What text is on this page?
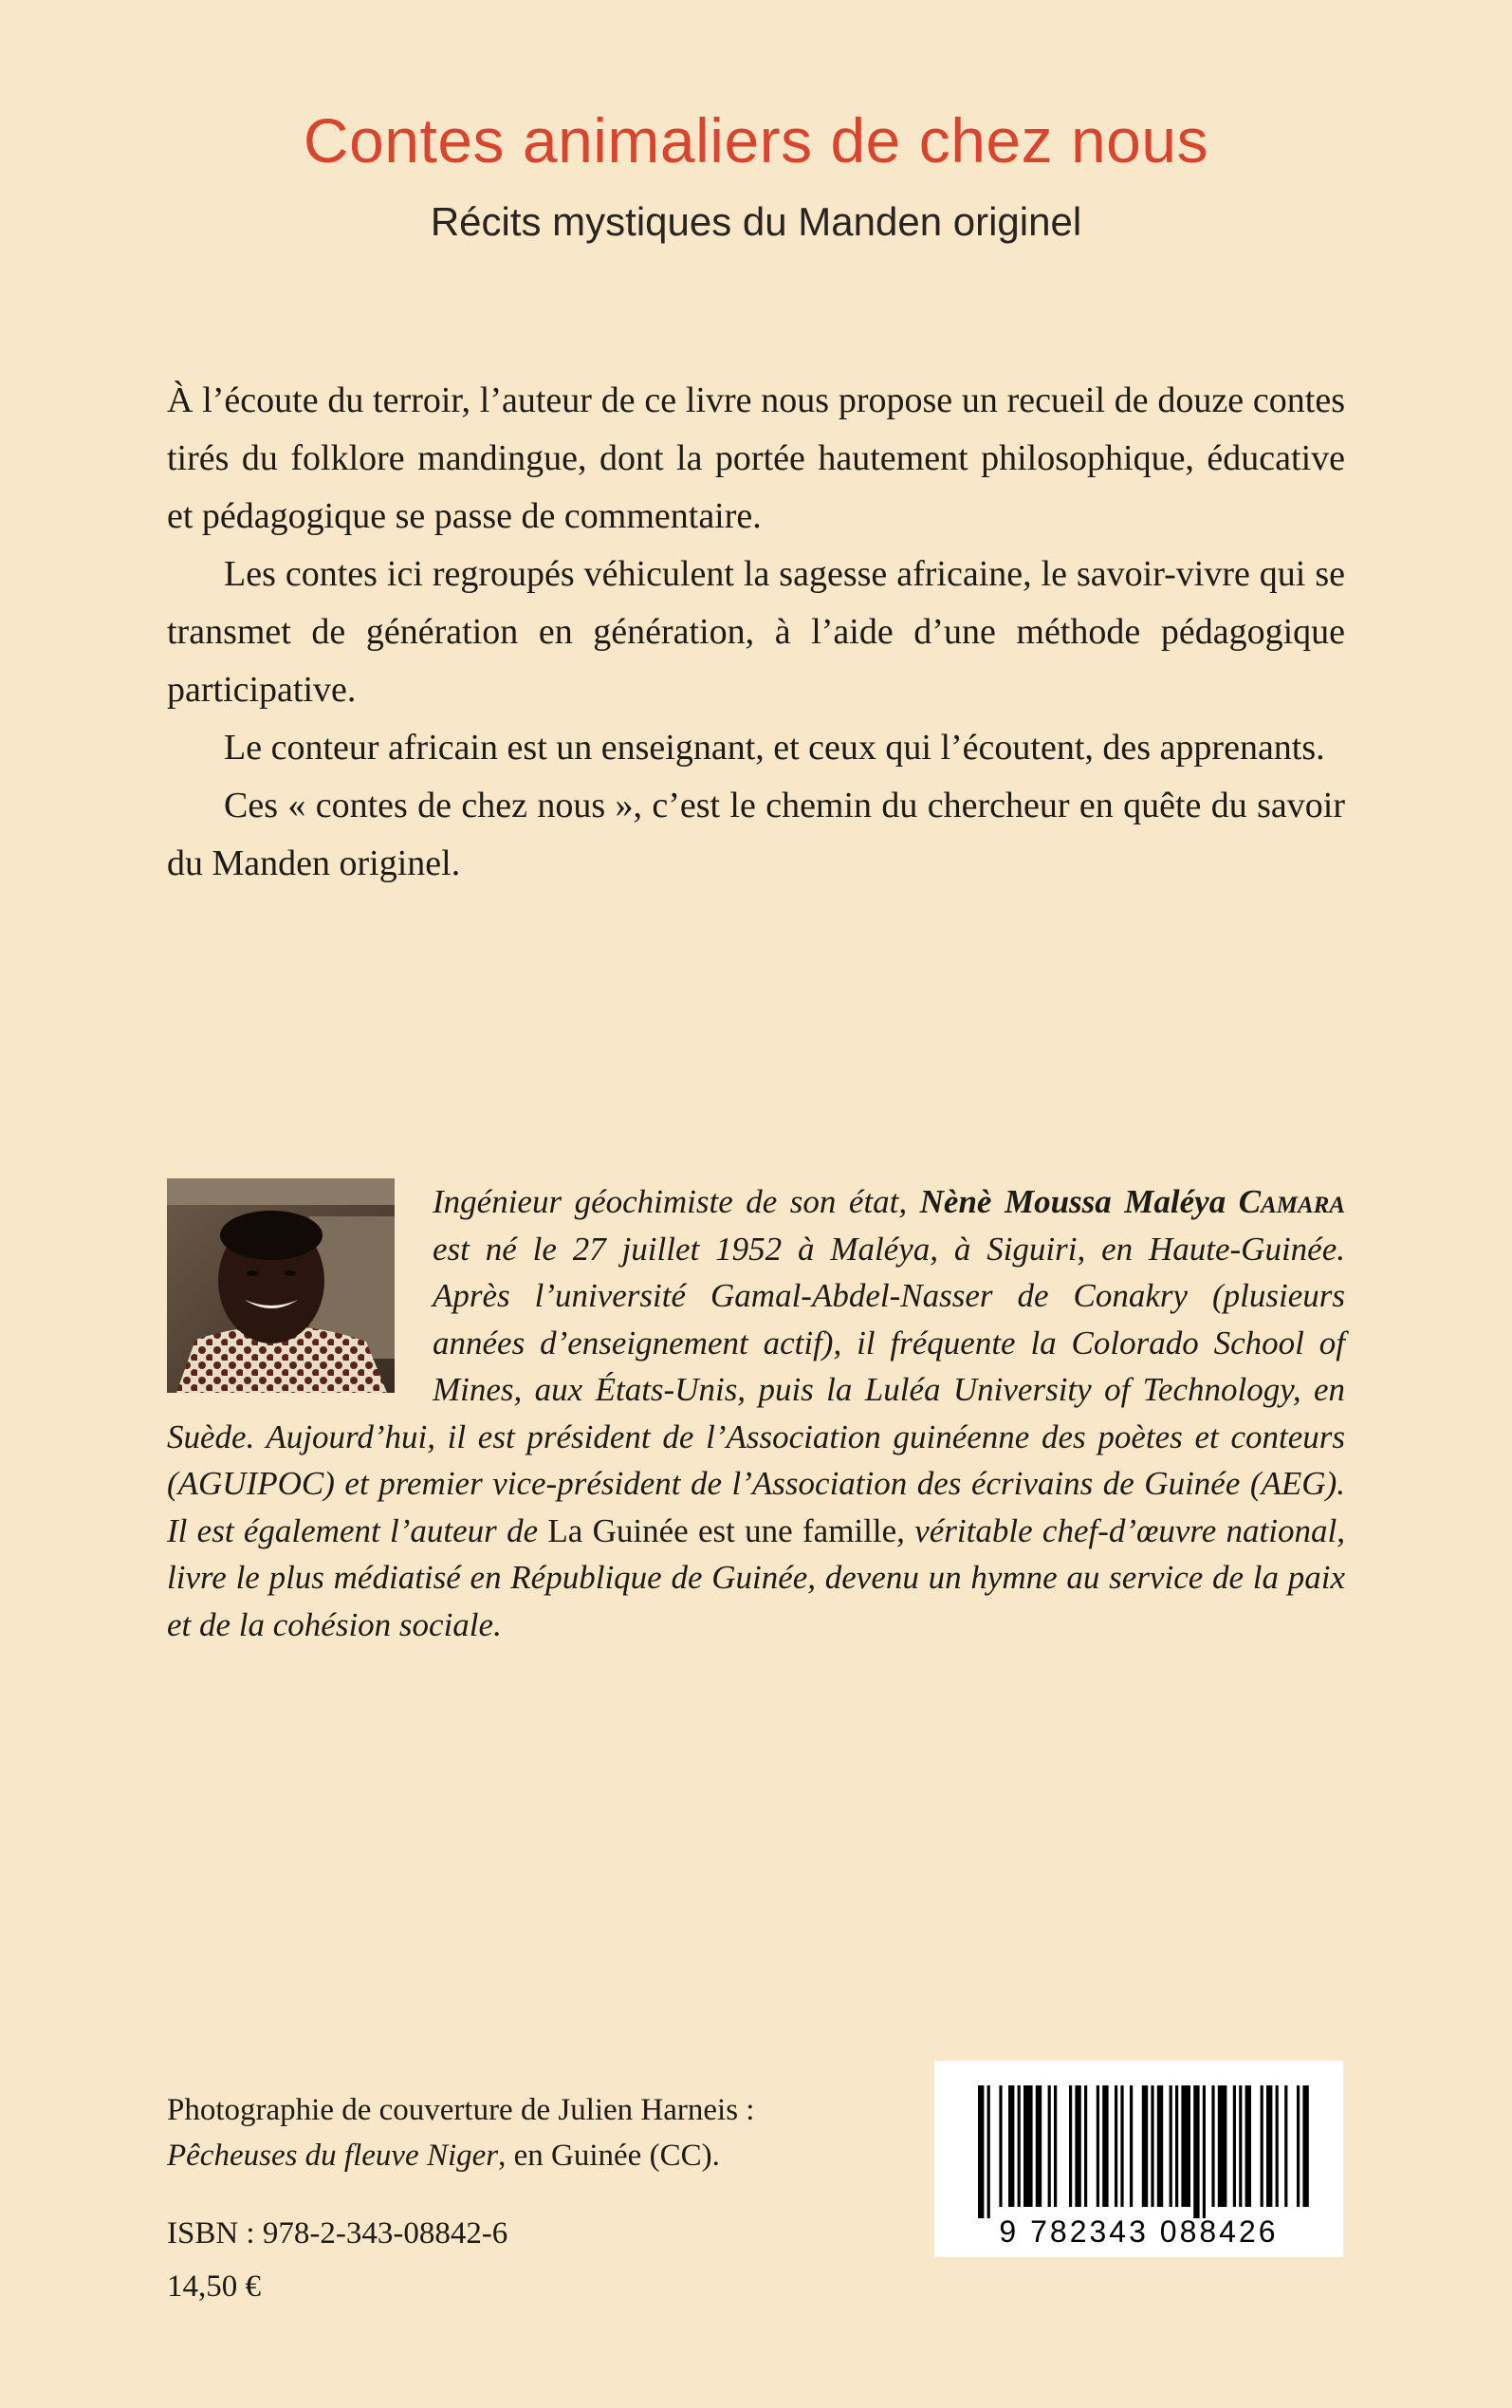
Contes animaliers de chez nous
Récits mystiques du Manden originel

À l’écoute du terroir, l’auteur de ce livre nous propose un recueil de douze contes tirés du folklore mandingue, dont la portée hautement philosophique, éducative et pédagogique se passe de commentaire.

Les contes ici regroupés véhiculent la sagesse africaine, le savoir-vivre qui se transmet de génération en génération, à l’aide d’une méthode pédagogique participative.

Le conteur africain est un enseignant, et ceux qui l’écoutent, des apprenants.

Ces « contes de chez nous », c’est le chemin du chercheur en quête du savoir du Manden originel.

Ingénieur géochimiste de son état, Nènè Moussa Maléya Camara est né le 27 juillet 1952 à Maléya, à Siguiri, en Haute-Guinée. Après l’université Gamal-Abdel-Nasser de Conakry (plusieurs années d’enseignement actif), il fréquente la Colorado School of Mines, aux États-Unis, puis la Luléa University of Technology, en Suède. Aujourd’hui, il est président de l’Association guinéenne des poètes et conteurs (AGUIPOC) et premier vice-président de l’Association des écrivains de Guinée (AEG). Il est également l’auteur de La Guinée est une famille, véritable chef-d’œuvre national, livre le plus médiatisé en République de Guinée, devenu un hymne au service de la paix et de la cohésion sociale.
Photographie de couverture de Julien Harneis :
Pêcheuses du fleuve Niger, en Guinée (CC).
ISBN : 978-2-343-08842-6
14,50 €
9 782343 088426
